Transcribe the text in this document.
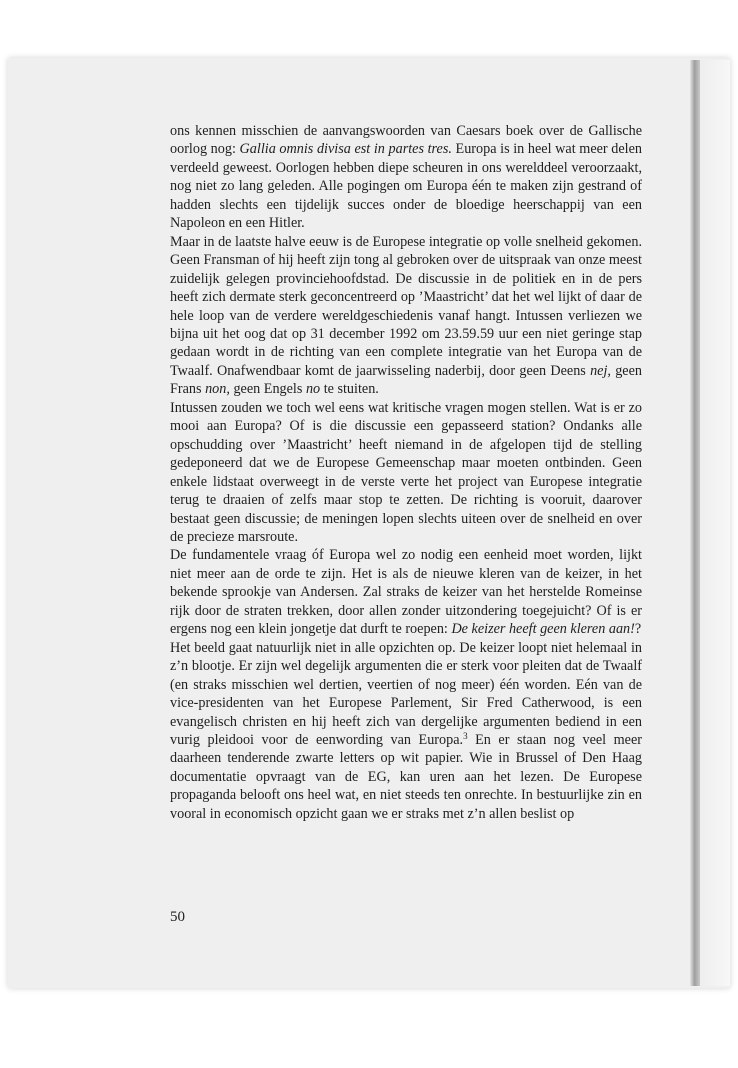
ons kennen misschien de aanvangswoorden van Caesars boek over de Gallische oorlog nog: Gallia omnis divisa est in partes tres. Europa is in heel wat meer delen verdeeld geweest. Oorlogen hebben diepe scheuren in ons werelddeel veroorzaakt, nog niet zo lang geleden. Alle pogingen om Europa één te maken zijn gestrand of hadden slechts een tijdelijk succes onder de bloedige heerschappij van een Napoleon en een Hitler.

Maar in de laatste halve eeuw is de Europese integratie op volle snelheid gekomen. Geen Fransman of hij heeft zijn tong al gebroken over de uitspraak van onze meest zuidelijk gelegen provinciehoofdstad. De discussie in de politiek en in de pers heeft zich dermate sterk geconcentreerd op ’Maastricht’ dat het wel lijkt of daar de hele loop van de verdere wereldgeschiedenis vanaf hangt. Intussen verliezen we bijna uit het oog dat op 31 december 1992 om 23.59.59 uur een niet geringe stap gedaan wordt in de richting van een complete integratie van het Europa van de Twaalf. Onafwendbaar komt de jaarwisseling naderbij, door geen Deens nej, geen Frans non, geen Engels no te stuiten.

Intussen zouden we toch wel eens wat kritische vragen mogen stellen. Wat is er zo mooi aan Europa? Of is die discussie een gepasseerd station? Ondanks alle opschudding over ’Maastricht’ heeft niemand in de afgelopen tijd de stelling gedeponeerd dat we de Europese Gemeenschap maar moeten ontbinden. Geen enkele lidstaat overweegt in de verste verte het project van Europese integratie terug te draaien of zelfs maar stop te zetten. De richting is vooruit, daarover bestaat geen discussie; de meningen lopen slechts uiteen over de snelheid en over de precieze marsroute.

De fundamentele vraag óf Europa wel zo nodig een eenheid moet worden, lijkt niet meer aan de orde te zijn. Het is als de nieuwe kleren van de keizer, in het bekende sprookje van Andersen. Zal straks de keizer van het herstelde Romeinse rijk door de straten trekken, door allen zonder uitzondering toegejuicht? Of is er ergens nog een klein jongetje dat durft te roepen: De keizer heeft geen kleren aan!?

Het beeld gaat natuurlijk niet in alle opzichten op. De keizer loopt niet helemaal in z’n blootje. Er zijn wel degelijk argumenten die er sterk voor pleiten dat de Twaalf (en straks misschien wel dertien, veertien of nog meer) één worden. Eén van de vice-presidenten van het Europese Parlement, Sir Fred Catherwood, is een evangelisch christen en hij heeft zich van dergelijke argumenten bediend in een vurig pleidooi voor de eenwording van Europa.$^3$ En er staan nog veel meer daarheen tenderende zwarte letters op wit papier. Wie in Brussel of Den Haag documentatie opvraagt van de EG, kan uren aan het lezen. De Europese propaganda belooft ons heel wat, en niet steeds ten onrechte. In bestuurlijke zin en vooral in economisch opzicht gaan we er straks met z’n allen beslist op

50
